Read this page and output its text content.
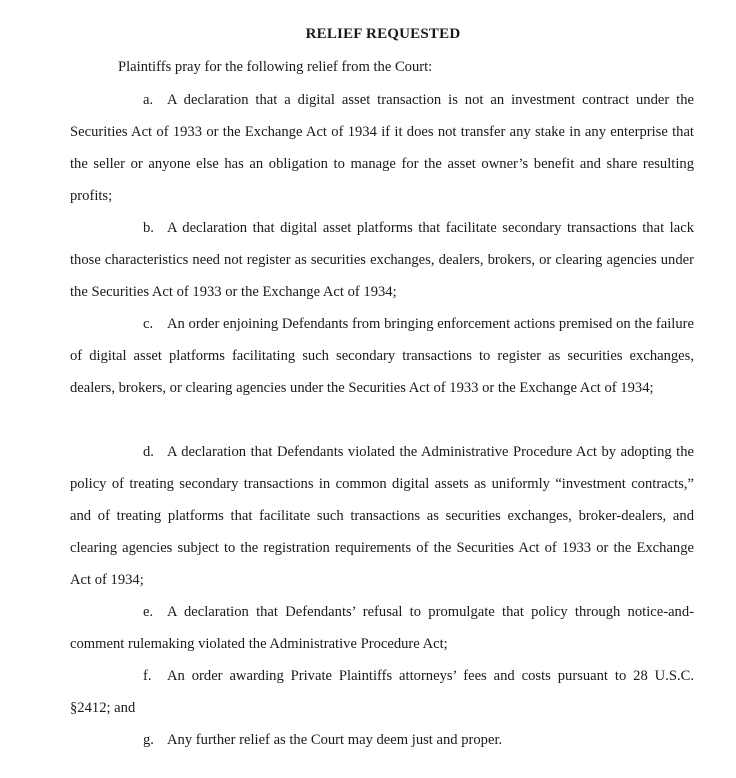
RELIEF REQUESTED
Plaintiffs pray for the following relief from the Court:

a. A declaration that a digital asset transaction is not an investment contract under the Securities Act of 1933 or the Exchange Act of 1934 if it does not transfer any stake in any enterprise that the seller or anyone else has an obligation to manage for the asset owner’s benefit and share resulting profits;

b. A declaration that digital asset platforms that facilitate secondary transactions that lack those characteristics need not register as securities exchanges, dealers, brokers, or clearing agencies under the Securities Act of 1933 or the Exchange Act of 1934;

c. An order enjoining Defendants from bringing enforcement actions premised on the failure of digital asset platforms facilitating such secondary transactions to register as securities exchanges, dealers, brokers, or clearing agencies under the Securities Act of 1933 or the Exchange Act of 1934;

d. A declaration that Defendants violated the Administrative Procedure Act by adopting the policy of treating secondary transactions in common digital assets as uniformly “investment contracts,” and of treating platforms that facilitate such transactions as securities exchanges, broker-dealers, and clearing agencies subject to the registration requirements of the Securities Act of 1933 or the Exchange Act of 1934;

e. A declaration that Defendants’ refusal to promulgate that policy through notice-and-comment rulemaking violated the Administrative Procedure Act;

f. An order awarding Private Plaintiffs attorneys’ fees and costs pursuant to 28 U.S.C. §2412; and

g. Any further relief as the Court may deem just and proper.
